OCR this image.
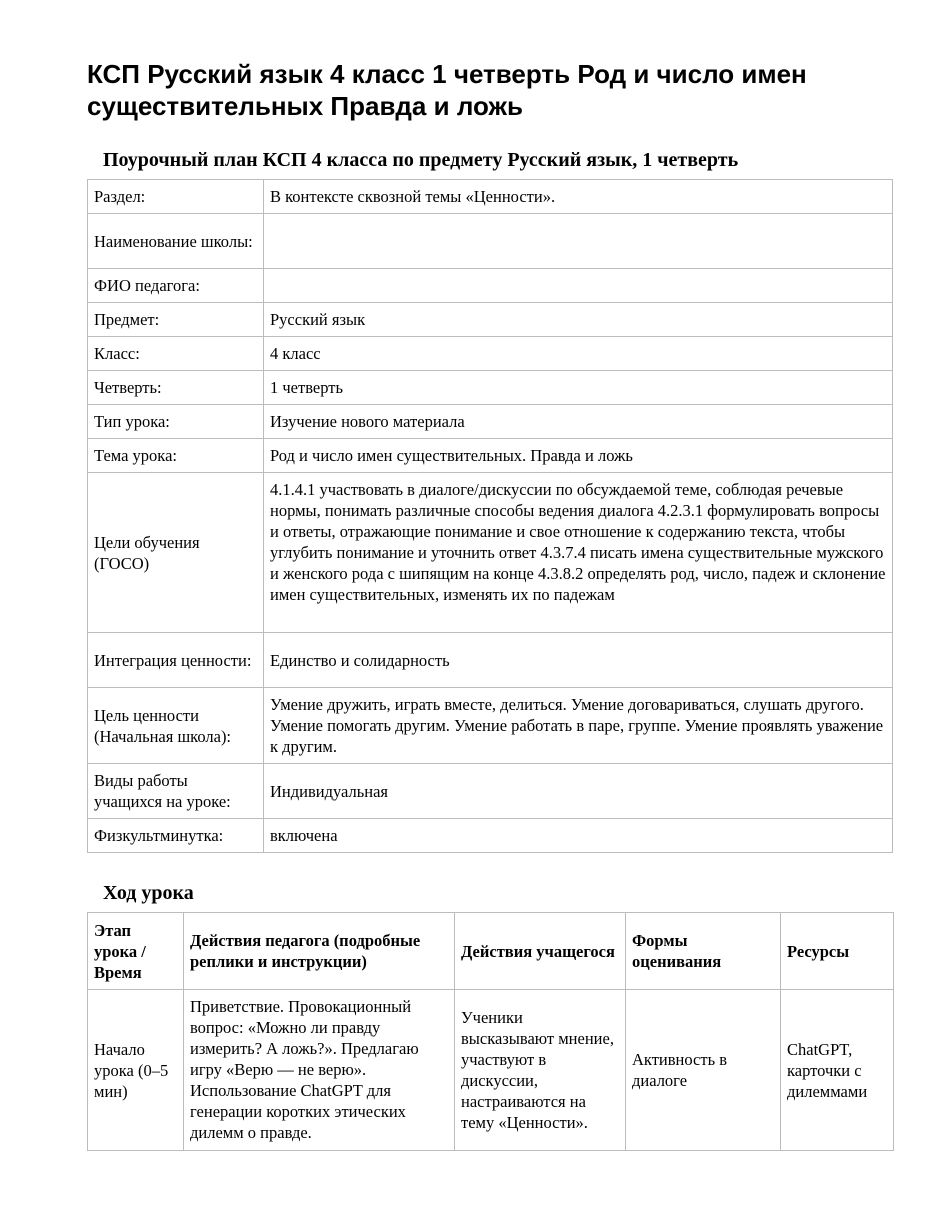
КСП Русский язык 4 класс 1 четверть Род и число имен существительных Правда и ложь
Поурочный план КСП 4 класса по предмету Русский язык, 1 четверть
Раздел:	В контексте сквозной темы «Ценности».
Наименование школы:	
ФИО педагога:	
Предмет:	Русский язык
Класс:	4 класс
Четверть:	1 четверть
Тип урока:	Изучение нового материала
Тема урока:	Род и число имен существительных. Правда и ложь
Цели обучения (ГОСО)	4.1.4.1 участвовать в диалоге/дискуссии по обсуждаемой теме, соблюдая речевые нормы, понимать различные способы ведения диалога 4.2.3.1 формулировать вопросы и ответы, отражающие понимание и свое отношение к содержанию текста, чтобы углубить понимание и уточнить ответ 4.3.7.4 писать имена существительные мужского и женского рода с шипящим на конце 4.3.8.2 определять род, число, падеж и склонение имен существительных, изменять их по падежам
Интеграция ценности:	Единство и солидарность
Цель ценности (Начальная школа):	Умение дружить, играть вместе, делиться. Умение договариваться, слушать другого. Умение помогать другим. Умение работать в паре, группе. Умение проявлять уважение к другим.
Виды работы учащихся на уроке:	Индивидуальная
Физкультминутка:	включена
Ход урока
Этап урока / Время	Действия педагога (подробные реплики и инструкции)	Действия учащегося	Формы оценивания	Ресурсы
Начало урока (0–5 мин)	Приветствие. Провокационный вопрос: «Можно ли правду измерить? А ложь?». Предлагаю игру «Верю — не верю». Использование ChatGPT для генерации коротких этических дилемм о правде.	Ученики высказывают мнение, участвуют в дискуссии, настраиваются на тему «Ценности».	Активность в диалоге	ChatGPT, карточки с дилеммами
